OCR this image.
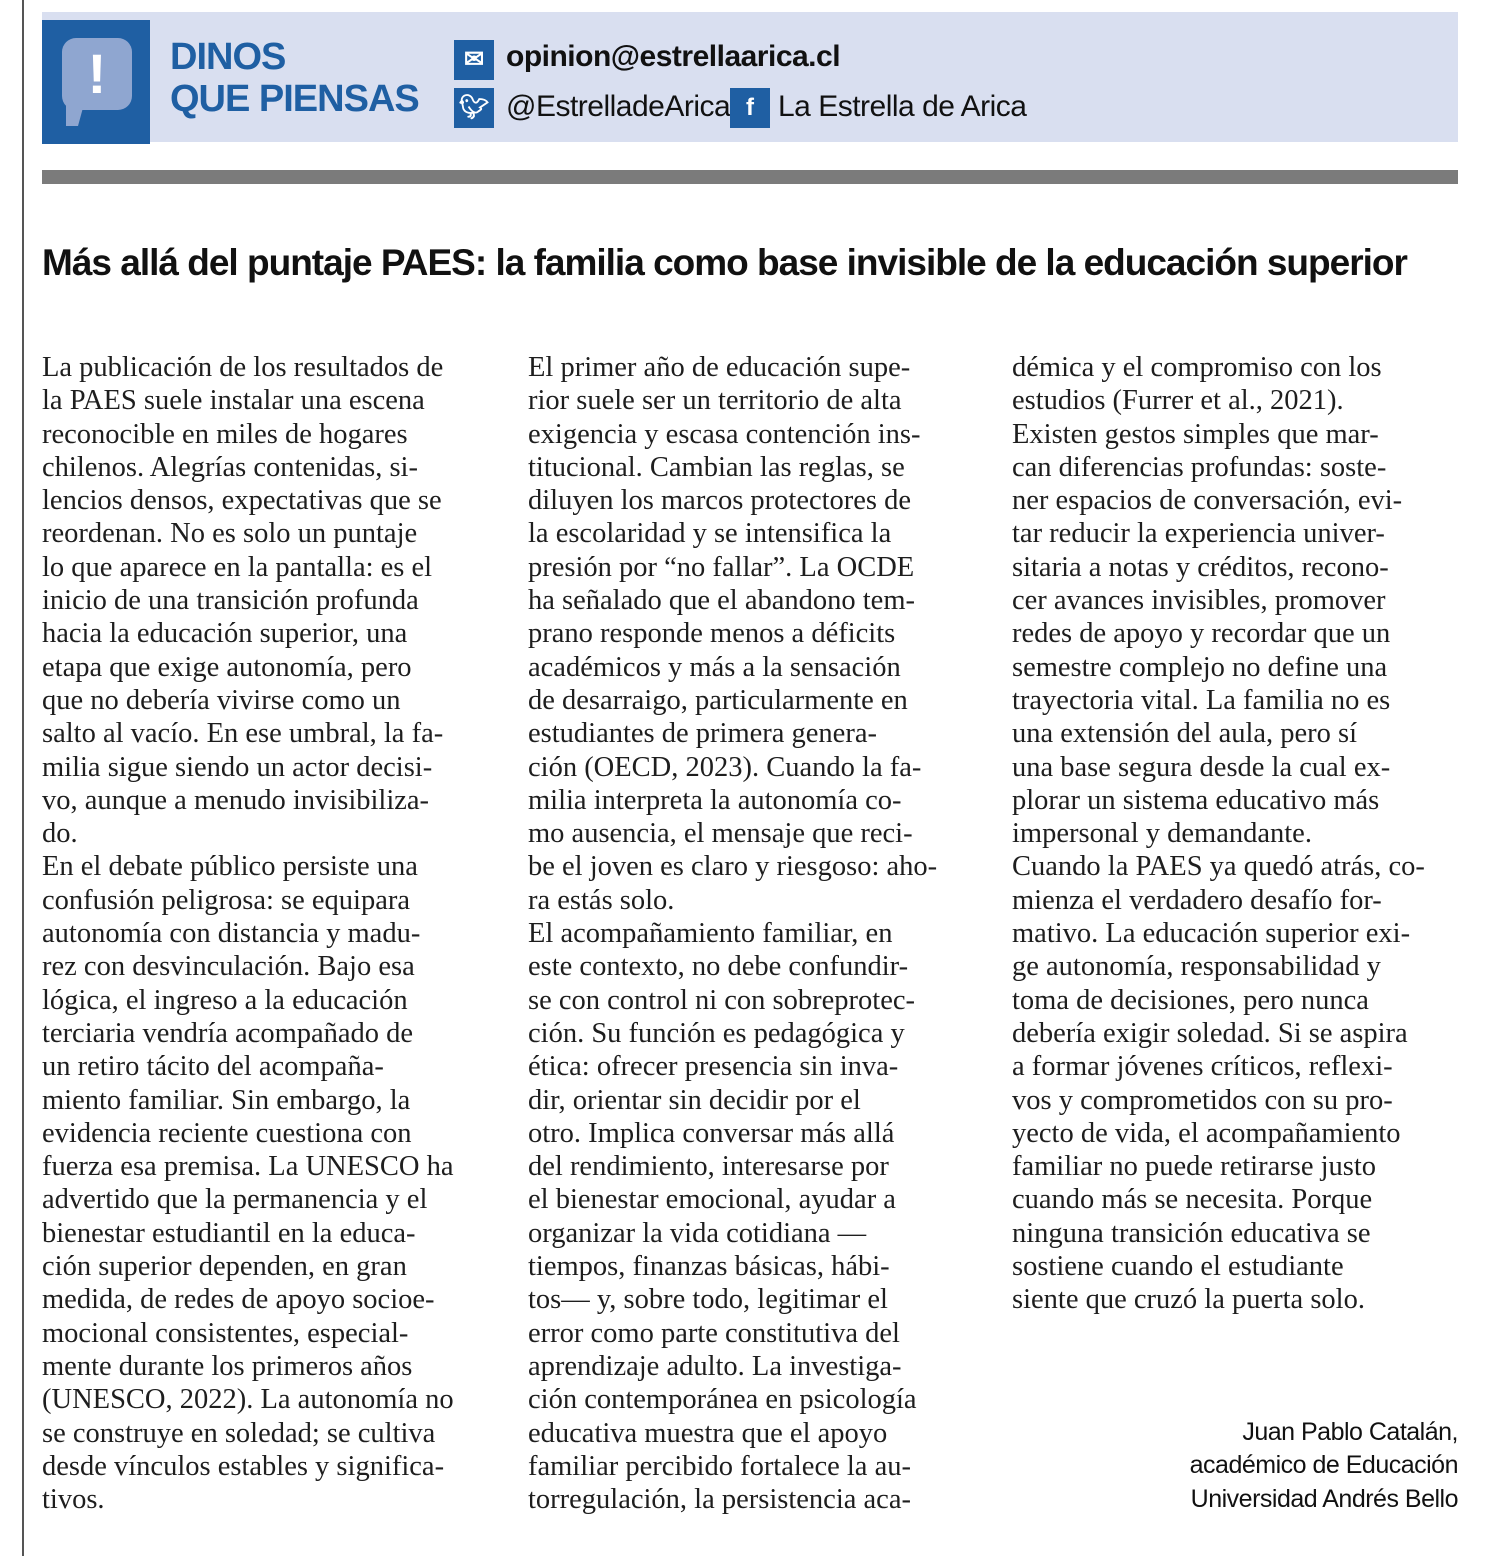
!	DINOS
QUE PIENSAS
✉ opinion@estrellaarica.cl
🐦︎ @EstrelladeArica f La Estrella de Arica
Más allá del puntaje PAES: la familia como base invisible de la educación superior
La publicación de los resultados de
la PAES suele instalar una escena
reconocible en miles de hogares
chilenos. Alegrías contenidas, si-
lencios densos, expectativas que se
reordenan. No es solo un puntaje
lo que aparece en la pantalla: es el
inicio de una transición profunda
hacia la educación superior, una
etapa que exige autonomía, pero
que no debería vivirse como un
salto al vacío. En ese umbral, la fa-
milia sigue siendo un actor decisi-
vo, aunque a menudo invisibiliza-
do.
En el debate público persiste una
confusión peligrosa: se equipara
autonomía con distancia y madu-
rez con desvinculación. Bajo esa
lógica, el ingreso a la educación
terciaria vendría acompañado de
un retiro tácito del acompaña-
miento familiar. Sin embargo, la
evidencia reciente cuestiona con
fuerza esa premisa. La UNESCO ha
advertido que la permanencia y el
bienestar estudiantil en la educa-
ción superior dependen, en gran
medida, de redes de apoyo socioe-
mocional consistentes, especial-
mente durante los primeros años
(UNESCO, 2022). La autonomía no
se construye en soledad; se cultiva
desde vínculos estables y significa-
tivos.
El primer año de educación supe-
rior suele ser un territorio de alta
exigencia y escasa contención ins-
titucional. Cambian las reglas, se
diluyen los marcos protectores de
la escolaridad y se intensifica la
presión por “no fallar”. La OCDE
ha señalado que el abandono tem-
prano responde menos a déficits
académicos y más a la sensación
de desarraigo, particularmente en
estudiantes de primera genera-
ción (OECD, 2023). Cuando la fa-
milia interpreta la autonomía co-
mo ausencia, el mensaje que reci-
be el joven es claro y riesgoso: aho-
ra estás solo.
El acompañamiento familiar, en
este contexto, no debe confundir-
se con control ni con sobreprotec-
ción. Su función es pedagógica y
ética: ofrecer presencia sin inva-
dir, orientar sin decidir por el
otro. Implica conversar más allá
del rendimiento, interesarse por
el bienestar emocional, ayudar a
organizar la vida cotidiana —
tiempos, finanzas básicas, hábi-
tos— y, sobre todo, legitimar el
error como parte constitutiva del
aprendizaje adulto. La investiga-
ción contemporánea en psicología
educativa muestra que el apoyo
familiar percibido fortalece la au-
torregulación, la persistencia aca-
démica y el compromiso con los
estudios (Furrer et al., 2021).
Existen gestos simples que mar-
can diferencias profundas: soste-
ner espacios de conversación, evi-
tar reducir la experiencia univer-
sitaria a notas y créditos, recono-
cer avances invisibles, promover
redes de apoyo y recordar que un
semestre complejo no define una
trayectoria vital. La familia no es
una extensión del aula, pero sí
una base segura desde la cual ex-
plorar un sistema educativo más
impersonal y demandante.
Cuando la PAES ya quedó atrás, co-
mienza el verdadero desafío for-
mativo. La educación superior exi-
ge autonomía, responsabilidad y
toma de decisiones, pero nunca
debería exigir soledad. Si se aspira
a formar jóvenes críticos, reflexi-
vos y comprometidos con su pro-
yecto de vida, el acompañamiento
familiar no puede retirarse justo
cuando más se necesita. Porque
ninguna transición educativa se
sostiene cuando el estudiante
siente que cruzó la puerta solo.
Juan Pablo Catalán,
académico de Educación
Universidad Andrés Bello
